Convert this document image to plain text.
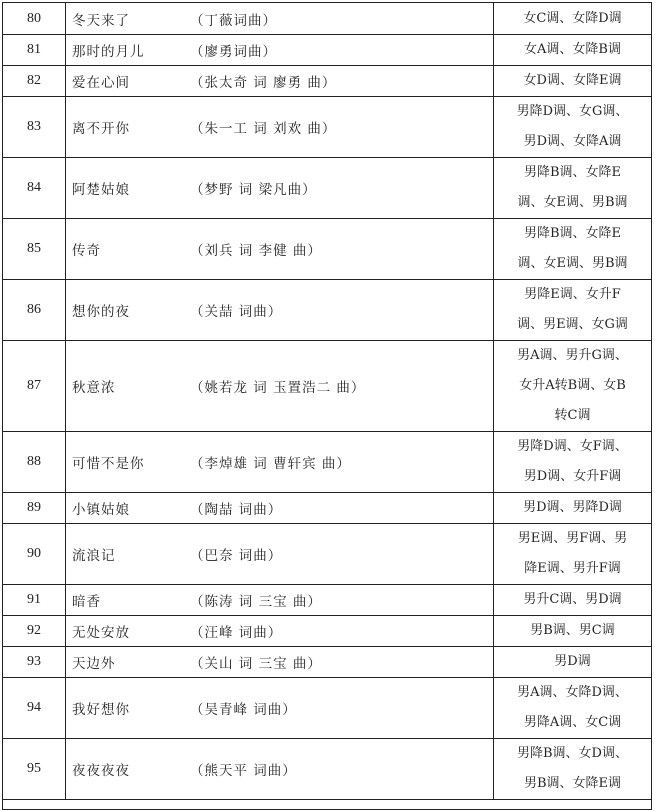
80	冬天来了 （丁薇词曲）	女C调、女降D调

81	那时的月儿 （廖勇词曲）	女A调、女降B调

82	爱在心间 （张太奇 词 廖勇 曲）	女D调、女降E调

83	离不开你 （朱一工 词 刘欢 曲）	男降D调、女G调、
男D调、女降A调

84	阿楚姑娘 （梦野 词 梁凡曲）	男降B调、女降E
调、女E调、男B调

85	传奇 （刘兵 词 李健 曲）	男降B调、女降E
调、女E调、男B调

86	想你的夜 （关喆 词曲）	男降E调、女升F
调、男E调、女G调

87	秋意浓 （姚若龙 词 玉置浩二 曲）	男A调、男升G调、
女升A转B调、女B
转C调

88	可惜不是你 （李焯雄 词 曹轩宾 曲）	男降D调、女F调、
男D调、女升F调

89	小镇姑娘 （陶喆 词曲）	男D调、男降D调

90	流浪记 （巴奈 词曲）	男E调、男F调、男
降E调、男升F调

91	暗香 （陈涛 词 三宝 曲）	男升C调、男D调

92	无处安放 （汪峰 词曲）	男B调、男C调

93	天边外 （关山 词 三宝 曲）	男D调

94	我好想你 （吴青峰 词曲）	男A调、女降D调、
男降A调、女C调

95	夜夜夜夜 （熊天平 词曲）	男降B调、女D调、
男B调、女降E调
